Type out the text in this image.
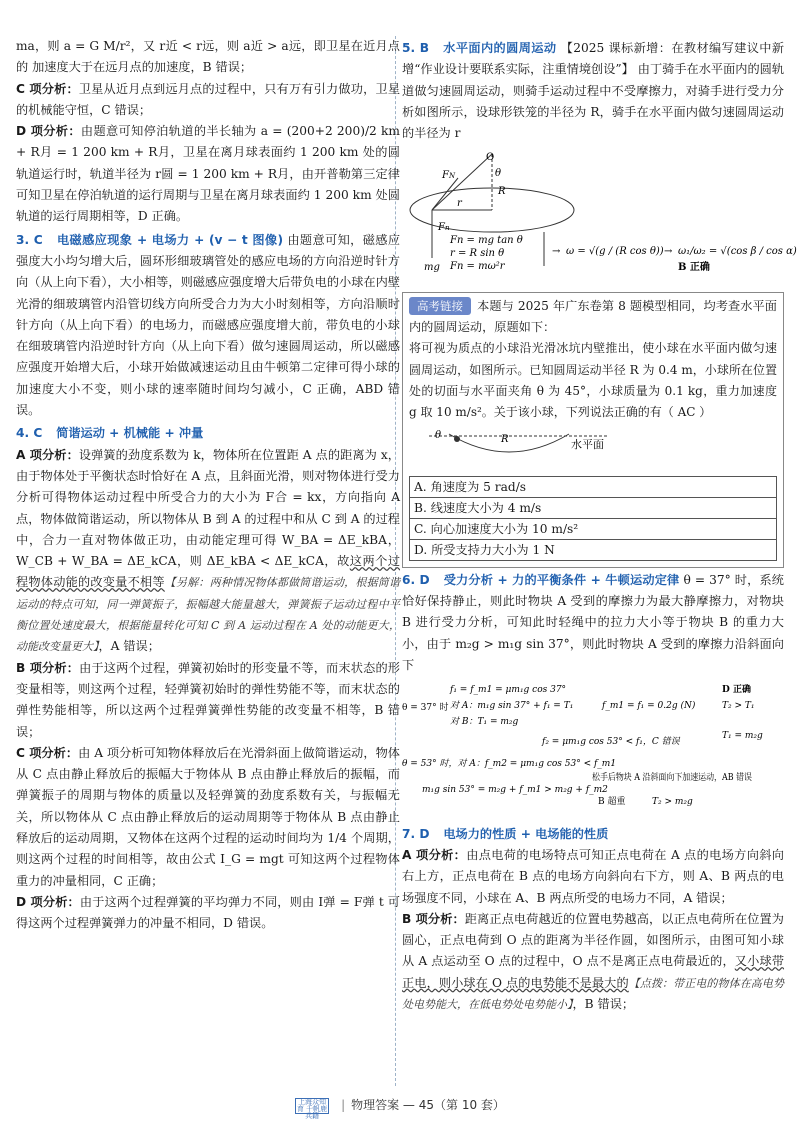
ma，则 a = G M/r²，又 r近 < r远，则 a近 > a远，即卫星在近月点的 加速度大于在远月点的加速度，B 错误；

C 项分析：卫星从近月点到远月点的过程中，只有万有引力做功，卫星的机械能守恒，C 错误；

D 项分析：由题意可知停泊轨道的半长轴为 a = (200+2 200)/2 km + R月 = 1 200 km + R月，卫星在离月球表面约 1 200 km 处的圆轨道运行时，轨道半径为 r圆 = 1 200 km + R月，由开普勒第三定律可知卫星在停泊轨道的运行周期与卫星在离月球表面约 1 200 km 处圆轨道的运行周期相等，D 正确。

3. C 电磁感应现象 + 电场力 + (v − t 图像) 由题意可知，磁感应强度大小均匀增大后，圆环形细玻璃管处的感应电场的方向沿逆时针方向（从上向下看），大小相等，则磁感应强度增大后带负电的小球在内壁光滑的细玻璃管内沿管切线方向所受合力为大小时刻相等，方向沿顺时针方向（从上向下看）的电场力，而磁感应强度增大前，带负电的小球在细玻璃管内沿逆时针方向（从上向下看）做匀速圆周运动，所以磁感应强度开始增大后，小球开始做减速运动且由牛顿第二定律可得小球的加速度大小不变，则小球的速率随时间均匀减小，C 正确，ABD 错误。

4. C 简谐运动 + 机械能 + 冲量

A 项分析：设弹簧的劲度系数为 k，物体所在位置距 A 点的距离为 x，由于物体处于平衡状态时恰好在 A 点，且斜面光滑，则对物体进行受力分析可得物体运动过程中所受合力的大小为 F合 = kx，方向指向 A 点，物体做简谐运动，所以物体从 B 到 A 的过程中和从 C 到 A 的过程中，合力一直对物体做正功，由动能定理可得 W_BA = ΔE_kBA，W_CB + W_BA = ΔE_kCA，则 ΔE_kBA < ΔE_kCA，故这两个过程物体动能的改变量不相等【另解：两种情况物体都做简谐运动，根据简谐运动的特点可知，同一弹簧振子，振幅越大能量越大，弹簧振子运动过程中平衡位置处速度最大，根据能量转化可知 C 到 A 运动过程在 A 处的动能更大，动能改变量更大】，A 错误；

B 项分析：由于这两个过程，弹簧初始时的形变量不等，而末状态的形变量相等，则这两个过程，轻弹簧初始时的弹性势能不等，而末状态的弹性势能相等，所以这两个过程弹簧弹性势能的改变量不相等，B 错误；

C 项分析：由 A 项分析可知物体释放后在光滑斜面上做简谐运动，物体从 C 点由静止释放后的振幅大于物体从 B 点由静止释放后的振幅，而弹簧振子的周期与物体的质量以及轻弹簧的劲度系数有关，与振幅无关，所以物体从 C 点由静止释放后的运动周期等于物体从 B 点由静止释放后的运动周期，又物体在这两个过程的运动时间均为 1/4 个周期，则这两个过程的时间相等，故由公式 I_G = mgt 可知这两个过程物体重力的冲量相同，C 正确；

D 项分析：由于这两个过程弹簧的平均弹力不同，则由 I弹 = F弹 t 可得这两个过程弹簧弹力的冲量不相同，D 错误。

5. B 水平面内的圆周运动 【2025 课标新增：在教材编写建议中新增“作业设计要联系实际，注重情境创设”】 由丁骑手在水平面内的圆轨道做匀速圆周运动，则骑手运动过程中不受摩擦力，对骑手进行受力分析如图所示，设球形铁笼的半径为 R，骑手在水平面内做匀速圆周运动的半径为 r

O
θ
R
r
FN
Fn
mg
Fn = mg tan θ
r = R sin θ
Fn = mω²r
→ ω = √(g / (R cos θ)) → ω₁/ω₂ = √(cos β / cos α)
B 正确

高考链接 本题与 2025 年广东卷第 8 题模型相同，均考查水平面内的圆周运动，原题如下：

将可视为质点的小球沿光滑冰坑内壁推出，使小球在水平面内做匀速圆周运动，如图所示。已知圆周运动半径 R 为 0.4 m，小球所在位置处的切面与水平面夹角 θ 为 45°，小球质量为 0.1 kg，重力加速度 g 取 10 m/s²。关于该小球，下列说法正确的有（ AC ）

θ	R	水平面
A. 角速度为 5 rad/s
B. 线速度大小为 4 m/s
C. 向心加速度大小为 10 m/s²
D. 所受支持力大小为 1 N

6. D 受力分析 + 力的平衡条件 + 牛顿运动定律 θ = 37° 时，系统恰好保持静止，则此时物块 A 受到的摩擦力为最大静摩擦力，对物块 B 进行受力分析，可知此时轻绳中的拉力大小等于物块 B 的重力大小，由于 m₂g > m₁g sin 37°，则此时物块 A 受到的摩擦力沿斜面向下

θ = 37° 时
f₁ = f_m1 = μm₁g cos 37°
对 A：m₁g sin 37° + f₁ = T₁
对 B：T₁ = m₂g
f_m1 = f₁ = 0.2g (N)
f₂ = μm₁g cos 53° < f₁，C 错误
θ = 53° 时，对 A：f_m2 = μm₁g cos 53° < f_m1
m₁g sin 53° = m₂g + f_m1 > m₂g + f_m2
松手后物块 A 沿斜面向下加速运动，AB 错误
B 超重	T₂ > m₂g
D 正确
T₂ > T₁
T₁ = m₂g

7. D 电场力的性质 + 电场能的性质

A 项分析：由点电荷的电场特点可知正点电荷在 A 点的电场方向斜向右上方，正点电荷在 B 点的电场方向斜向右下方，则 A、B 两点的电场强度不同，小球在 A、B 两点所受的电场力不同，A 错误；

B 项分析：距离正点电荷越近的位置电势越高，以正点电荷所在位置为圆心，正点电荷到 O 点的距离为半径作圆，如图所示，由图可知小球从 A 点运动至 O 点的过程中，O 点不是离正点电荷最近的，又小球带正电，则小球在 O 点的电势能不是最大的【点拨：带正电的物体在高电势处电势能大，在低电势处电势能小】，B 错误；

上海众知育 千帆鹿兵籍| 物理答案 — 45（第 10 套）
